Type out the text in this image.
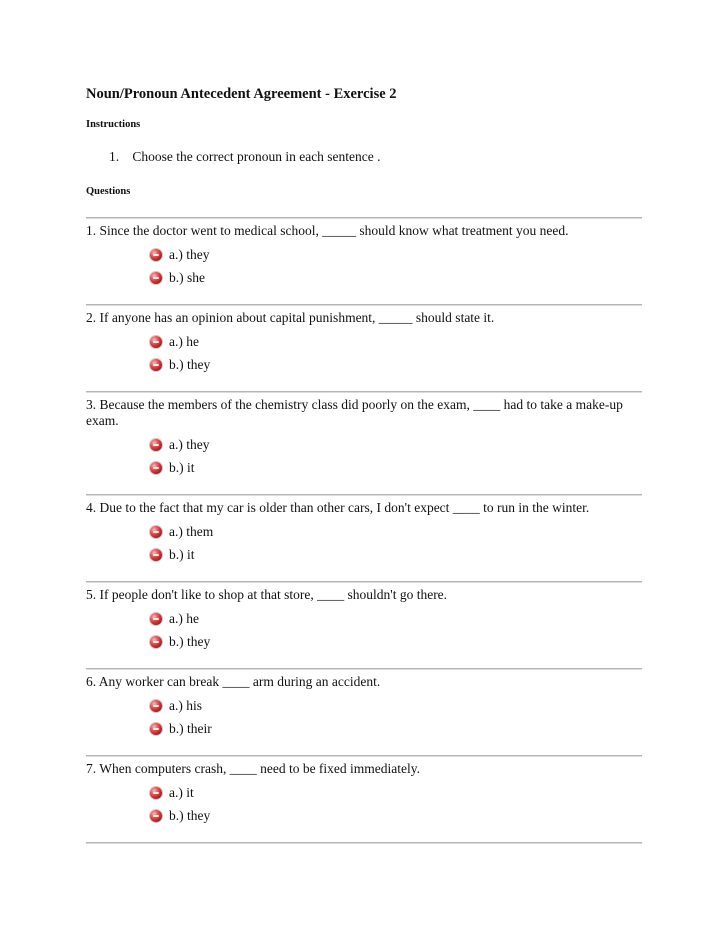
Noun/Pronoun Antecedent Agreement - Exercise 2
Instructions
1. Choose the correct pronoun in each sentence .
Questions

1. Since the doctor went to medical school, _____ should know what treatment you need.

a.) they
b.) she

2. If anyone has an opinion about capital punishment, _____ should state it.

a.) he
b.) they

3. Because the members of the chemistry class did poorly on the exam, ____ had to take a make-up exam.

a.) they
b.) it

4. Due to the fact that my car is older than other cars, I don't expect ____ to run in the winter.

a.) them
b.) it

5. If people don't like to shop at that store, ____ shouldn't go there.

a.) he
b.) they

6. Any worker can break ____ arm during an accident.

a.) his
b.) their

7. When computers crash, ____ need to be fixed immediately.

a.) it
b.) they
